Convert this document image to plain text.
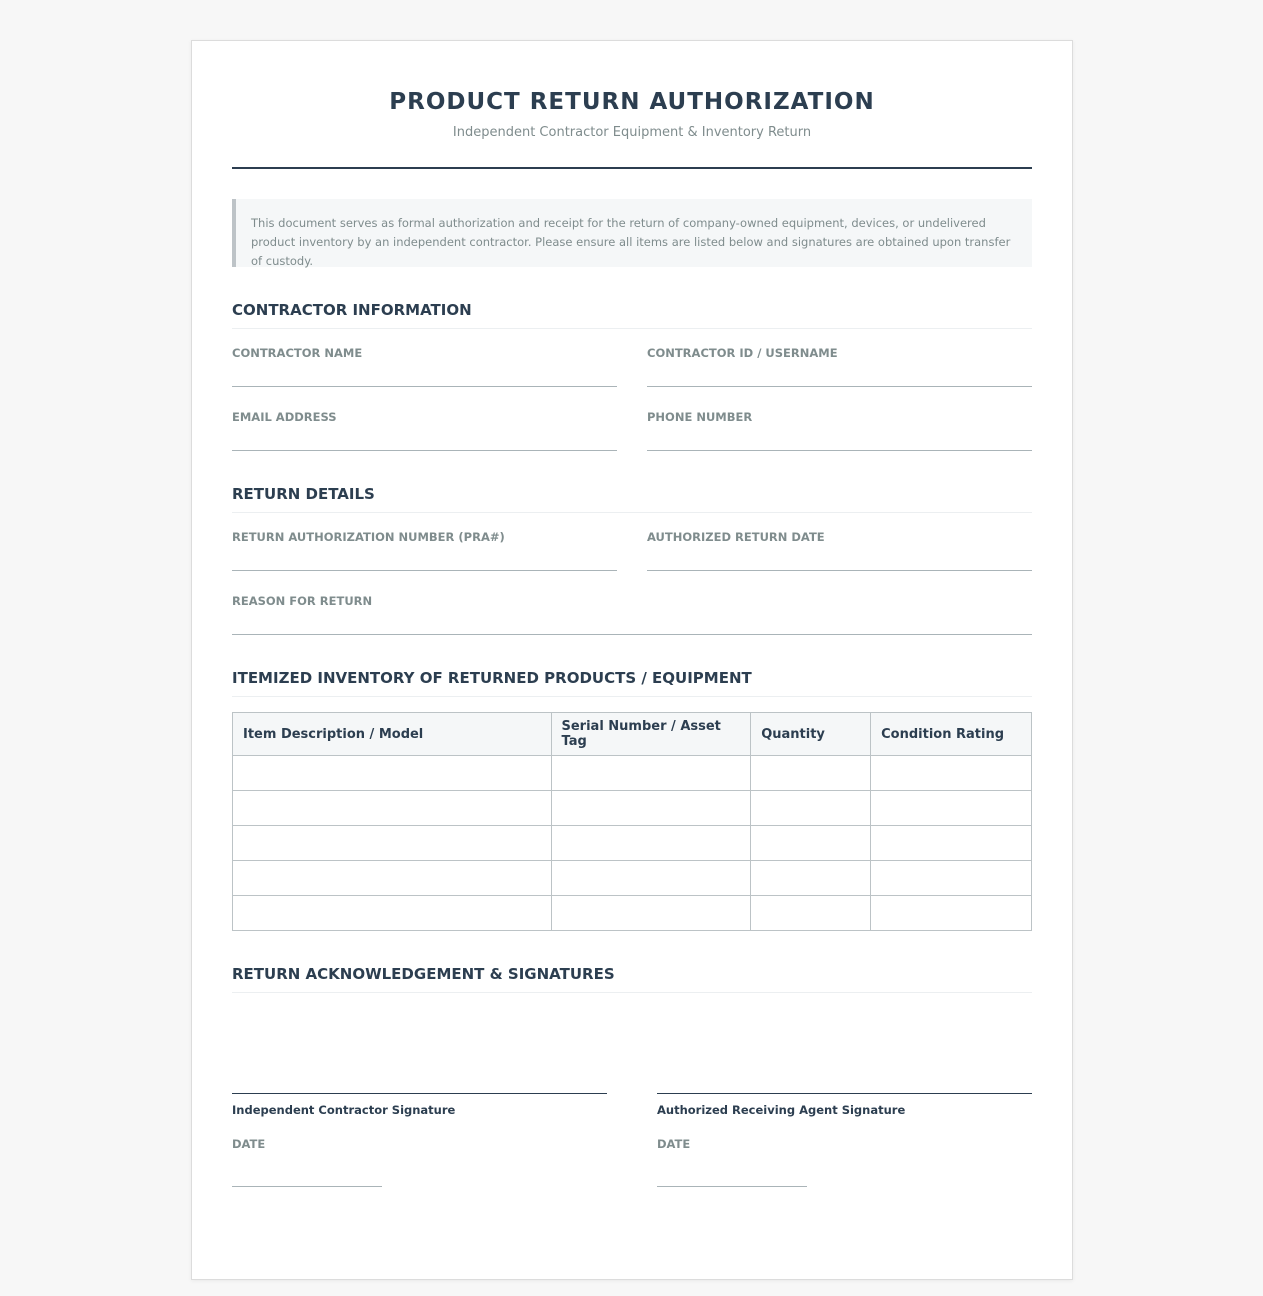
PRODUCT RETURN AUTHORIZATION
Independent Contractor Equipment & Inventory Return
This document serves as formal authorization and receipt for the return of company-owned equipment, devices, or undelivered product inventory by an independent contractor. Please ensure all items are listed below and signatures are obtained upon transfer of custody.
CONTRACTOR INFORMATION
CONTRACTOR NAME	CONTRACTOR ID / USERNAME
EMAIL ADDRESS	PHONE NUMBER
RETURN DETAILS
RETURN AUTHORIZATION NUMBER (PRA#)	AUTHORIZED RETURN DATE
REASON FOR RETURN
ITEMIZED INVENTORY OF RETURNED PRODUCTS / EQUIPMENT
Item Description / Model	Serial Number / Asset Tag	Quantity	Condition Rating

RETURN ACKNOWLEDGEMENT & SIGNATURES
Independent Contractor Signature
DATE
Authorized Receiving Agent Signature
DATE
